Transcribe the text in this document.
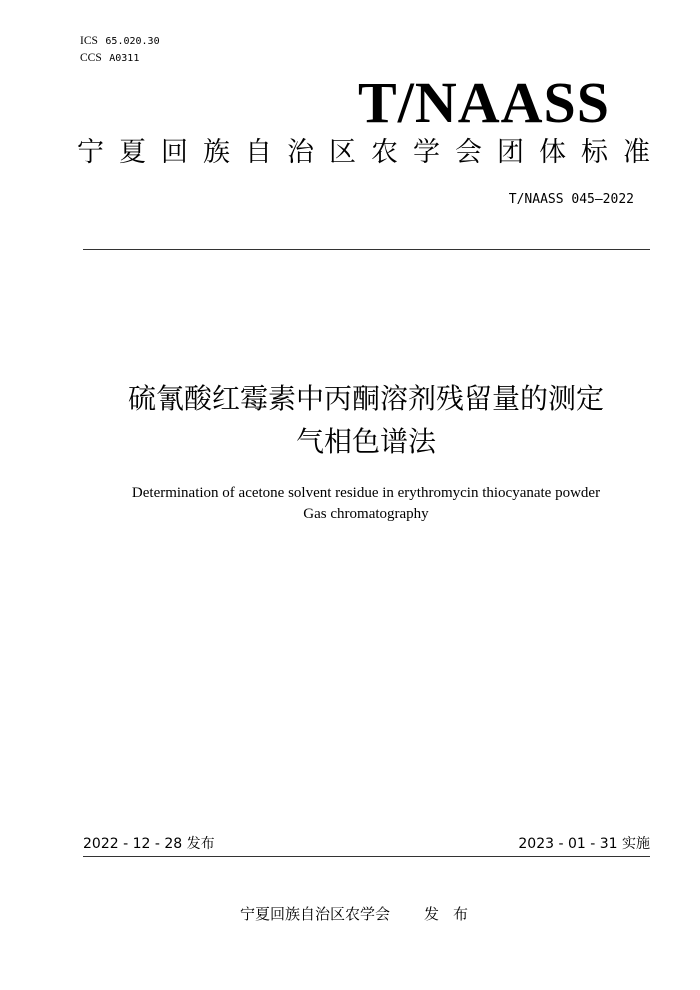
ICS 65.020.30
CCS A0311
T/NAASS
宁 夏 回 族 自 治 区 农 学 会 团 体 标 准
T/NAASS 045—2022
硫氰酸红霉素中丙酮溶剂残留量的测定
气相色谱法
Determination of acetone solvent residue in erythromycin thiocyanate powder
Gas chromatography
2022 - 12 - 28 发布	2023 - 01 - 31 实施
宁夏回族自治区农学会 发布
